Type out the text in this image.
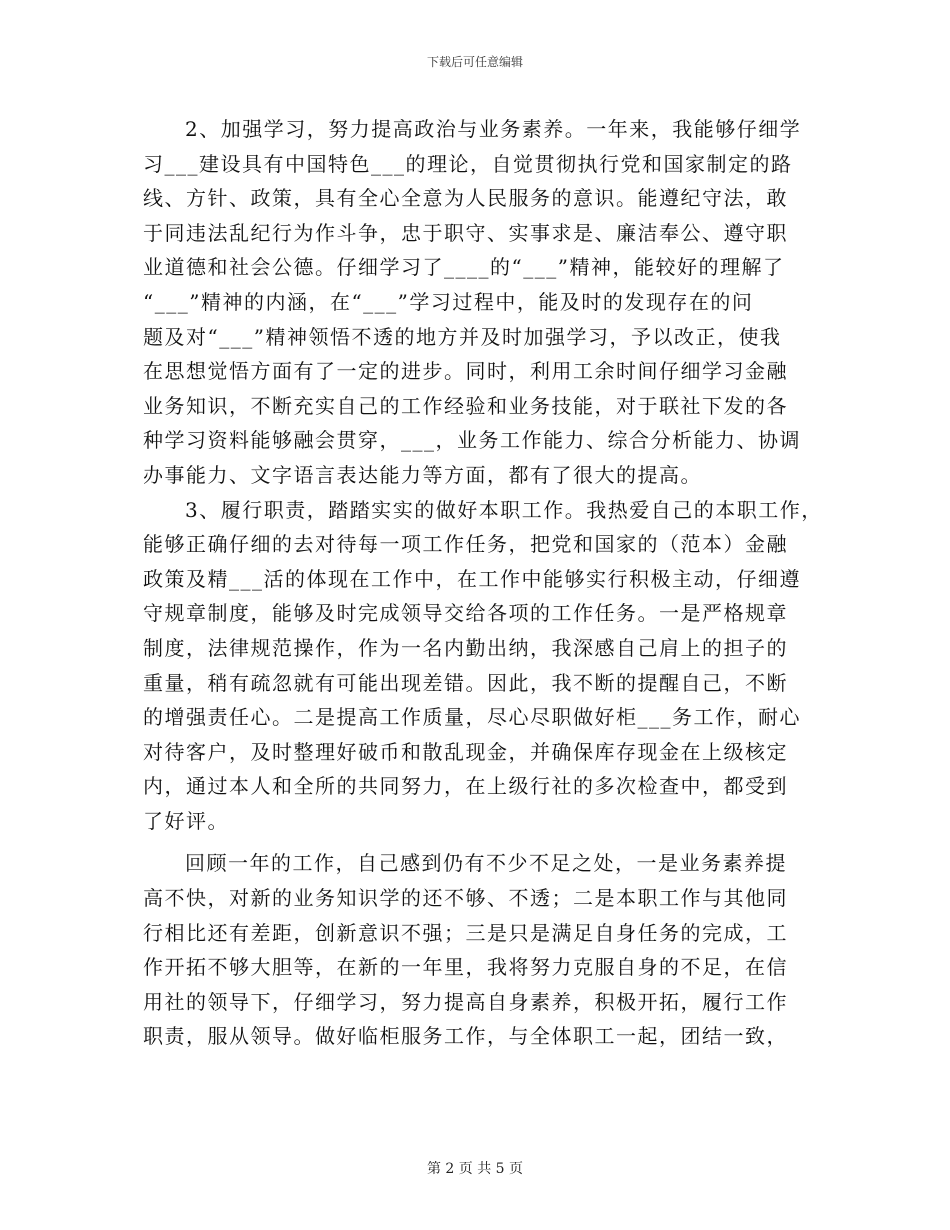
下载后可任意编辑
2、加强学习，努力提高政治与业务素养。一年来，我能够仔细学
习___建设具有中国特色___的理论，自觉贯彻执行党和国家制定的路
线、方针、政策，具有全心全意为人民服务的意识。能遵纪守法，敢
于同违法乱纪行为作斗争，忠于职守、实事求是、廉洁奉公、遵守职
业道德和社会公德。仔细学习了____的“___”精神，能较好的理解了
“___”精神的内涵，在“___”学习过程中，能及时的发现存在的问
题及对“___”精神领悟不透的地方并及时加强学习，予以改正，使我
在思想觉悟方面有了一定的进步。同时，利用工余时间仔细学习金融
业务知识，不断充实自己的工作经验和业务技能，对于联社下发的各
种学习资料能够融会贯穿，___，业务工作能力、综合分析能力、协调
办事能力、文字语言表达能力等方面，都有了很大的提高。
3、履行职责，踏踏实实的做好本职工作。我热爱自己的本职工作，
能够正确仔细的去对待每一项工作任务，把党和国家的（范本）金融
政策及精___活的体现在工作中，在工作中能够实行积极主动，仔细遵
守规章制度，能够及时完成领导交给各项的工作任务。一是严格规章
制度，法律规范操作，作为一名内勤出纳，我深感自己肩上的担子的
重量，稍有疏忽就有可能出现差错。因此，我不断的提醒自己，不断
的增强责任心。二是提高工作质量，尽心尽职做好柜___务工作，耐心
对待客户，及时整理好破币和散乱现金，并确保库存现金在上级核定
内，通过本人和全所的共同努力，在上级行社的多次检查中，都受到
了好评。
回顾一年的工作，自己感到仍有不少不足之处，一是业务素养提
高不快，对新的业务知识学的还不够、不透；二是本职工作与其他同
行相比还有差距，创新意识不强；三是只是满足自身任务的完成，工
作开拓不够大胆等，在新的一年里，我将努力克服自身的不足，在信
用社的领导下，仔细学习，努力提高自身素养，积极开拓，履行工作
职责，服从领导。做好临柜服务工作，与全体职工一起，团结一致，
第 2 页 共 5 页
